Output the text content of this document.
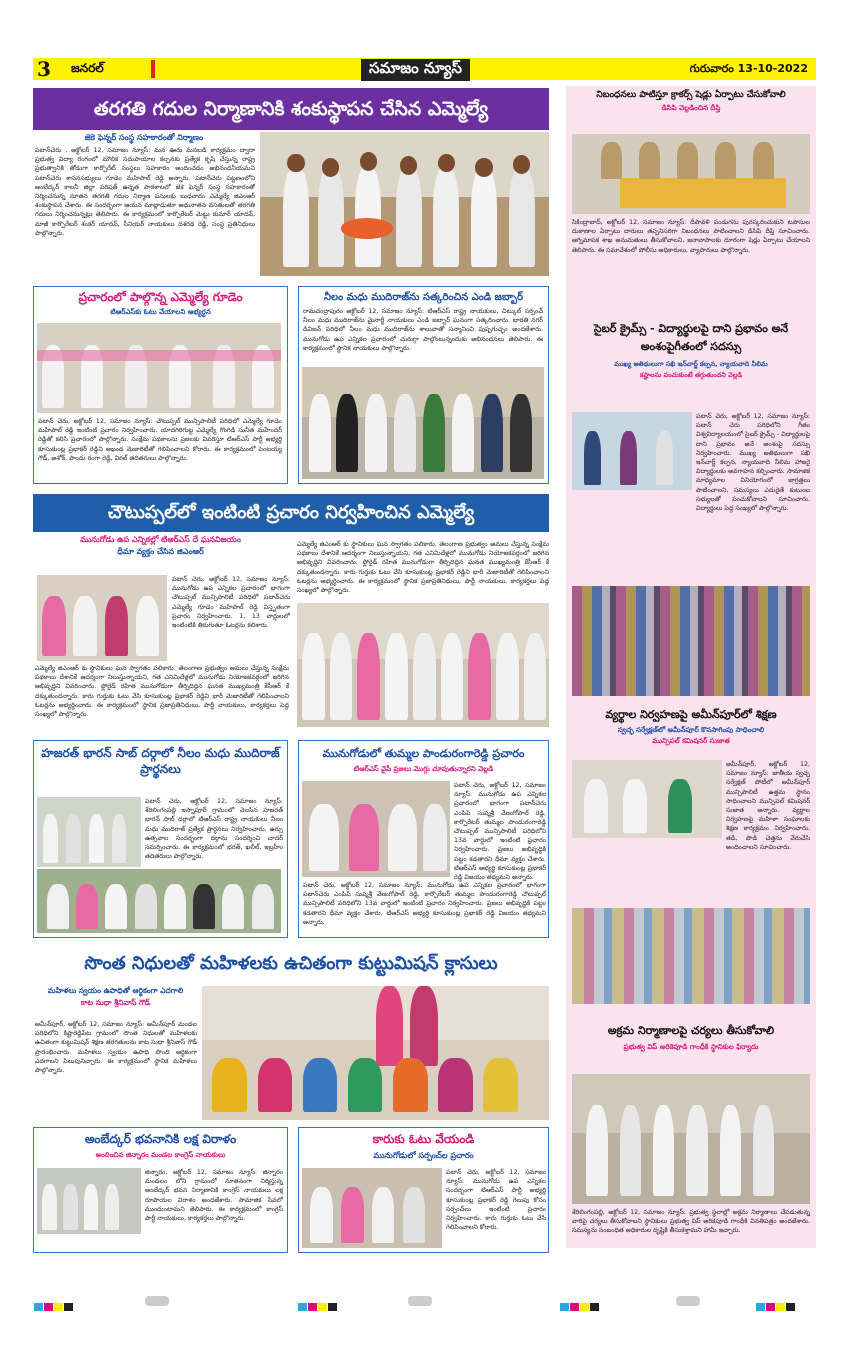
3 జనరల్	సమాజం న్యూస్	గురువారం 13-10-2022
తరగతి గదుల నిర్మాణానికి శంకుస్థాపన చేసిన ఎమ్మెల్యే
జెకె ఫెన్నర్ సంస్థ సహకారంతో నిర్మాణం
పటాన్‌చెరు , అక్టోబర్ 12, సమాజం న్యూస్: మన ఊరు మనబడి కార్యక్రమం ద్వారా ప్రభుత్వ విద్యా రంగంలో మౌలిక సదుపాయాల కల్పనకు ప్రత్యేక కృషి చేస్తున్న రాష్ట్ర ప్రభుత్వానికి తోడుగా కార్పొరేట్ సంస్థలు సహకారం అందించడం అభినందనీయమని పటాన్‌చెరు శాసనసభ్యులు గూడెం మహిపాల్ రెడ్డి అన్నారు. పటాన్‌చెరు పట్టణంలోని అంబేద్కర్ కాలనీ జిల్లా పరిషత్ ఉన్నత పాఠశాలలో జెకె ఫెన్నర్ సంస్థ సహకారంతో నిర్మించనున్న నూతన తరగతి గదుల నిర్మాణ పనులకు బుధవారం ఎమ్మెల్యే జిఎంఆర్ శంకుస్థాపన చేశారు. ఈ సందర్భంగా ఆయన మాట్లాడుతూ అధునాతన వసతులతో తరగతి గదులు నిర్మించనున్నట్లు తెలిపారు. ఈ కార్యక్రమంలో కార్పొరేటర్ మెట్టు కుమార్ యాదవ్, మాజీ కార్పొరేటర్ శంకర్ యాదవ్, సీనియర్ నాయకులు దశరథ రెడ్డి, సంస్థ ప్రతినిధులు పాల్గొన్నారు.
ప్రచారంలో పాల్గొన్న ఎమ్మెల్యే గూడెం
టిఆర్ఎస్‌కు ఓటు వేయాలని అభ్యర్థన
పటాన్ చెరు, అక్టోబర్ 12, సమాజం న్యూస్: చౌటుప్పల్ మున్సిపాలిటీ పరిధిలో ఎమ్మెల్యే గూడెం మహిపాల్ రెడ్డి ఇంటింటి ప్రచారం నిర్వహించారు. యాదగిరిగుట్ట ఎమ్మెల్యే గొంగిడి సునీత మహేందర్ రెడ్డితో కలిసి ప్రచారంలో పాల్గొన్నారు. సంక్షేమ పథకాలను ప్రజలకు వివరిస్తూ టిఆర్ఎస్ పార్టీ అభ్యర్థి కూసుకుంట్ల ప్రభాకర్ రెడ్డిని అఖండ మెజారిటీతో గెలిపించాలని కోరారు. ఈ కార్యక్రమంలో పెంటయ్య గౌడ్, అశోక్, పాండు రంగా రెడ్డి, విఠల్ తదితరులు పాల్గొన్నారు.
నీలం మధు ముదిరాజ్‌ను సత్కరించిన ఎండి జబ్బార్
రామచంద్రాపురం అక్టోబర్ 12, సమాజం న్యూస్: టిఆర్ఎస్ రాష్ట్ర నాయకులు, చిట్కుల్ సర్పంచ్ నీలం మధు ముదిరాజ్‌ను మైనార్టీ నాయకులు ఎండి జబ్బార్ ఘనంగా సత్కరించారు. భారతి నగర్ డివిజన్ పరిధిలో నీలం మధు ముదిరాజ్‌ను శాలువాతో సన్మానించి పుష్పగుచ్ఛం అందజేశారు. మునుగోడు ఉప ఎన్నికల ప్రచారంలో చురుగ్గా పాల్గొంటున్నందుకు అభినందనలు తెలిపారు. ఈ కార్యక్రమంలో స్థానిక నాయకులు పాల్గొన్నారు.
చౌటుప్పల్‌లో ఇంటింటి ప్రచారం నిర్వహించిన ఎమ్మెల్యే
మునుగోడు ఉప ఎన్నికల్లో టిఆర్ఎస్ దే ఘనవిజయం
ధీమా వ్యక్తం చేసిన జిఎంఆర్
పటాన్ చెరు, అక్టోబర్ 12, సమాజం న్యూస్: మునుగోడు ఉప ఎన్నికల ప్రచారంలో భాగంగా చౌటుప్పల్ మున్సిపాలిటీ పరిధిలో పటాన్‌చెరు ఎమ్మెల్యే గూడెం మహిపాల్ రెడ్డి విస్తృతంగా ప్రచారం నిర్వహించారు. 1, 13 వార్డులలో ఇంటింటికి తిరుగుతూ ఓటర్లను కలిశారు.
ఎమ్మెల్యే జిఎంఆర్ కు స్థానికులు ఘన స్వాగతం పలికారు. తెలంగాణ ప్రభుత్వం అమలు చేస్తున్న సంక్షేమ పథకాలు దేశానికే ఆదర్శంగా నిలుస్తున్నాయని, గత ఎనిమిదేళ్లలో మునుగోడు నియోజకవర్గంలో జరిగిన అభివృద్ధిని వివరించారు. ఫ్లోరైడ్ రహిత మునుగోడుగా తీర్చిదిద్దిన ఘనత ముఖ్యమంత్రి కేసీఆర్ కే దక్కుతుందన్నారు. కారు గుర్తుకు ఓటు వేసి కూసుకుంట్ల ప్రభాకర్ రెడ్డిని భారీ మెజారిటీతో గెలిపించాలని ఓటర్లను అభ్యర్థించారు. ఈ కార్యక్రమంలో స్థానిక ప్రజాప్రతినిధులు, పార్టీ నాయకులు, కార్యకర్తలు పెద్ద సంఖ్యలో పాల్గొన్నారు.
ఎమ్మెల్యే జిఎంఆర్ కు స్థానికులు ఘన స్వాగతం పలికారు. తెలంగాణ ప్రభుత్వం అమలు చేస్తున్న సంక్షేమ పథకాలు దేశానికే ఆదర్శంగా నిలుస్తున్నాయని, గత ఎనిమిదేళ్లలో మునుగోడు నియోజకవర్గంలో జరిగిన అభివృద్ధిని వివరించారు. ఫ్లోరైడ్ రహిత మునుగోడుగా తీర్చిదిద్దిన ఘనత ముఖ్యమంత్రి కేసీఆర్ కే దక్కుతుందన్నారు. కారు గుర్తుకు ఓటు వేసి కూసుకుంట్ల ప్రభాకర్ రెడ్డిని భారీ మెజారిటీతో గెలిపించాలని ఓటర్లను అభ్యర్థించారు. ఈ కార్యక్రమంలో స్థానిక ప్రజాప్రతినిధులు, పార్టీ నాయకులు, కార్యకర్తలు పెద్ద సంఖ్యలో పాల్గొన్నారు.
హజరత్ భారన్ సాబ్ దర్గాలో నీలం మధు ముదిరాజ్ ప్రార్థనలు
పటాన్ చెరు, అక్టోబర్ 12, సమాజం న్యూస్: శేరిలింగంపల్లి ఇస్నాపూర్ గ్రామంలో వెలసిన హజరత్ భారన్ సాబ్ దర్గాలో టిఆర్ఎస్ రాష్ట్ర నాయకులు నీలం మధు ముదిరాజ్ ప్రత్యేక ప్రార్థనలు నిర్వహించారు. ఉర్సు ఉత్సవాల సందర్భంగా దర్గాను సందర్శించి చాదర్ సమర్పించారు. ఈ కార్యక్రమంలో భరత్, ఖలీల్, ఇబ్రహీం తదితరులు పాల్గొన్నారు.
మునుగోడులో తుమ్మల పాండురంగారెడ్డి ప్రచారం
టిఆర్ఎస్ వైపే ప్రజలు మొగ్గు చూపుతున్నారని వెల్లడి
పటాన్ చెరు, అక్టోబర్ 12, సమాజం న్యూస్: మునుగోడు ఉప ఎన్నికల ప్రచారంలో భాగంగా పటాన్‌చెరు ఎంపిపి సుష్మశ్రీ వేణుగోపాల్ రెడ్డి, కార్పొరేటర్ తుమ్మల పాండురంగారెడ్డి చౌటుప్పల్ మున్సిపాలిటీ పరిధిలోని 13వ వార్డులో ఇంటింటి ప్రచారం నిర్వహించారు. ప్రజలు అభివృద్ధికి పట్టం కడతారని ధీమా వ్యక్తం చేశారు. టిఆర్ఎస్ అభ్యర్థి కూసుకుంట్ల ప్రభాకర్ రెడ్డి విజయం తథ్యమని అన్నారు.
పటాన్ చెరు, అక్టోబర్ 12, సమాజం న్యూస్: మునుగోడు ఉప ఎన్నికల ప్రచారంలో భాగంగా పటాన్‌చెరు ఎంపిపి సుష్మశ్రీ వేణుగోపాల్ రెడ్డి, కార్పొరేటర్ తుమ్మల పాండురంగారెడ్డి చౌటుప్పల్ మున్సిపాలిటీ పరిధిలోని 13వ వార్డులో ఇంటింటి ప్రచారం నిర్వహించారు. ప్రజలు అభివృద్ధికి పట్టం కడతారని ధీమా వ్యక్తం చేశారు. టిఆర్ఎస్ అభ్యర్థి కూసుకుంట్ల ప్రభాకర్ రెడ్డి విజయం తథ్యమని అన్నారు.
సొంత నిధులతో మహిళలకు ఉచితంగా కుట్టుమిషన్ క్లాసులు
మహిళలు స్వయం ఉపాధితో ఆర్థికంగా ఎదగాలి
కాట సుధా శ్రీనివాస్ గౌడ్
అమీన్‌పూర్, అక్టోబర్ 12, సమాజం న్యూస్: అమీన్‌పూర్ మండల పరిధిలోని కిష్టారెడ్డిపేట గ్రామంలో సొంత నిధులతో మహిళలకు ఉచితంగా కుట్టుమిషన్ శిక్షణ తరగతులను కాట సుధా శ్రీనివాస్ గౌడ్ ప్రారంభించారు. మహిళలు స్వయం ఉపాధి పొంది ఆర్థికంగా ఎదగాలని పిలుపునిచ్చారు. ఈ కార్యక్రమంలో స్థానిక మహిళలు పాల్గొన్నారు.
అంబేద్కర్ భవనానికి లక్ష విరాళం
అందించిన జిన్నారం మండల కాంగ్రెస్ నాయకులు
జిన్నారం, అక్టోబర్ 12, సమాజం న్యూస్: జిన్నారం మండలం లోని గ్రామంలో నూతనంగా నిర్మిస్తున్న అంబేద్కర్ భవన నిర్మాణానికి కాంగ్రెస్ నాయకులు లక్ష రూపాయల విరాళం అందజేశారు. సామాజిక సేవలో ముందుంటామని తెలిపారు. ఈ కార్యక్రమంలో కాంగ్రెస్ పార్టీ నాయకులు, కార్యకర్తలు పాల్గొన్నారు.
కారుకు ఓటు వేయండి
మునుగోడులో సర్పంచ్‌ల ప్రచారం
పటాన్ చెరు, అక్టోబర్ 12, సమాజం న్యూస్: మునుగోడు ఉప ఎన్నికల సందర్భంగా టిఆర్ఎస్ పార్టీ అభ్యర్థి కూసుకుంట్ల ప్రభాకర్ రెడ్డి గెలుపు కోసం సర్పంచ్‌లు ఇంటింటి ప్రచారం నిర్వహించారు. కారు గుర్తుకు ఓటు వేసి గెలిపించాలని కోరారు.
నిబంధనలు పాటిస్తూ క్రాకర్స్ షెడ్లు ఏర్పాటు చేసుకోవాలి
డిసిపి వెల్లడించిన దీప్తి
సికింద్రాబాద్, అక్టోబర్ 12, సమాజం న్యూస్: దీపావళి పండుగను పురస్కరించుకుని టపాసుల దుకాణాల ఏర్పాటు దారులు తప్పనిసరిగా నిబంధనలు పాటించాలని డిసిపి దీప్తి సూచించారు. అగ్నిమాపక శాఖ అనుమతులు తీసుకోవాలని, జనావాసాలకు దూరంగా షెడ్లు ఏర్పాటు చేయాలని తెలిపారు. ఈ సమావేశంలో పోలీసు అధికారులు, వ్యాపారులు పాల్గొన్నారు.
సైబర్ క్రైమ్స్ - విద్యార్థులపై దాని ప్రభావం అనే అంశంపైగీతంలో సదస్సు
ముఖ్య అతిథులుగా సఖి ఇన్‌చార్జ్ కల్పన, న్యాయవాది నీలిమ
కష్టాలను పంచుకుంటే తగ్గుతుందని వెల్లడి
పటాన్ చెరు, అక్టోబర్ 12, సమాజం న్యూస్: పటాన్ చెరు పరిధిలోని గీతం విశ్వవిద్యాలయంలో సైబర్ క్రైమ్స్ - విద్యార్థులపై దాని ప్రభావం అనే అంశంపై సదస్సు నిర్వహించారు. ముఖ్య అతిథులుగా సఖి ఇన్‌చార్జ్ కల్పన, న్యాయవాది నీలిమ హాజరై విద్యార్థులకు అవగాహన కల్పించారు. సామాజిక మాధ్యమాల వినియోగంలో జాగ్రత్తలు పాటించాలని, సమస్యలు ఎదురైతే కుటుంబ సభ్యులతో పంచుకోవాలని సూచించారు. విద్యార్థులు పెద్ద సంఖ్యలో పాల్గొన్నారు.
వ్యర్థాల నిర్వహణపై అమీన్‌పూర్‌లో శిక్షణ
స్వచ్ఛ సర్వేక్షణ్‌లో అమీన్‌పూర్‌ కొనసాగింపు సాధించాలి
మున్సిపల్ కమిషనర్ సుజాత
అమీన్‌పూర్, అక్టోబర్ 12, సమాజం న్యూస్: జాతీయ స్వచ్ఛ సర్వేక్షణ్ పోటీలో అమీన్‌పూర్ మున్సిపాలిటీ ఉత్తమ స్థానం సాధించాలని మున్సిపల్ కమిషనర్ సుజాత అన్నారు. వ్యర్థాల నిర్వహణపై మహిళా సంఘాలకు శిక్షణ కార్యక్రమం నిర్వహించారు. తడి, పొడి చెత్తను వేరుచేసి అందించాలని సూచించారు.
అక్రమ నిర్మాణాలపై చర్యలు తీసుకోవాలి
ప్రభుత్వ విప్ అరికెపూడి గాంధీకి స్థానికుల ఫిర్యాదు
శేరిలింగంపల్లి, అక్టోబర్ 12, సమాజం న్యూస్: ప్రభుత్వ స్థలాల్లో అక్రమ నిర్మాణాలు చేపడుతున్న వారిపై చర్యలు తీసుకోవాలని స్థానికులు ప్రభుత్వ విప్ అరికెపూడి గాంధీకి వినతిపత్రం అందజేశారు. సమస్యను సంబంధిత అధికారుల దృష్టికి తీసుకెళ్తామని హామీ ఇచ్చారు.
